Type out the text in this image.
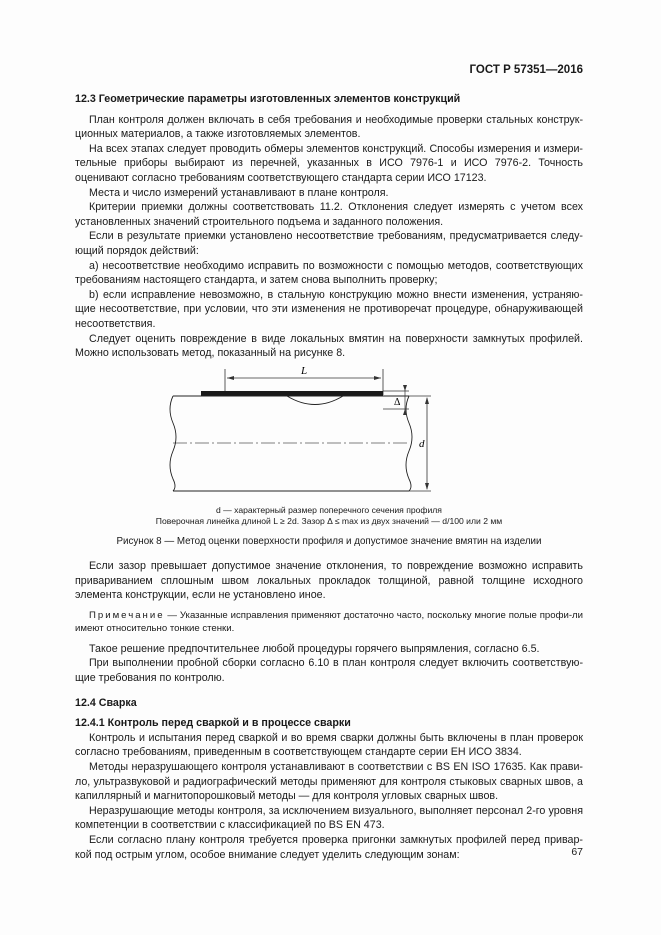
ГОСТ Р 57351—2016

12.3 Геометрические параметры изготовленных элементов конструкций

План контроля должен включать в себя требования и необходимые проверки стальных конструк-ционных материалов, а также изготовляемых элементов.

На всех этапах следует проводить обмеры элементов конструкций. Способы измерения и измери-тельные приборы выбирают из перечней, указанных в ИСО 7976-1 и ИСО 7976-2. Точность оценивают согласно требованиям соответствующего стандарта серии ИСО 17123.

Места и число измерений устанавливают в плане контроля.

Критерии приемки должны соответствовать 11.2. Отклонения следует измерять с учетом всех установленных значений строительного подъема и заданного положения.

Если в результате приемки установлено несоответствие требованиям, предусматривается следу-ющий порядок действий:

a) несоответствие необходимо исправить по возможности с помощью методов, соответствующих требованиям настоящего стандарта, и затем снова выполнить проверку;

b) если исправление невозможно, в стальную конструкцию можно внести изменения, устраняю-щие несоответствие, при условии, что эти изменения не противоречат процедуре, обнаруживающей несоответствия.

Следует оценить повреждение в виде локальных вмятин на поверхности замкнутых профилей. Можно использовать метод, показанный на рисунке 8.

L
Δ
d
d — характерный размер поперечного сечения профиля
Поверочная линейка длиной L ≥ 2d. Зазор Δ ≤ max из двух значений — d/100 или 2 мм

Рисунок 8 — Метод оценки поверхности профиля и допустимое значение вмятин на изделии

Если зазор превышает допустимое значение отклонения, то повреждение возможно исправить привариванием сплошным швом локальных прокладок толщиной, равной толщине исходного элемента конструкции, если не установлено иное.

Примечание — Указанные исправления применяют достаточно часто, поскольку многие полые профи-ли имеют относительно тонкие стенки.

Такое решение предпочтительнее любой процедуры горячего выпрямления, согласно 6.5.

При выполнении пробной сборки согласно 6.10 в план контроля следует включить соответствую-щие требования по контролю.

12.4 Сварка

12.4.1 Контроль перед сваркой и в процессе сварки

Контроль и испытания перед сваркой и во время сварки должны быть включены в план проверок согласно требованиям, приведенным в соответствующем стандарте серии ЕН ИСО 3834.

Методы неразрушающего контроля устанавливают в соответствии с BS EN ISO 17635. Как прави-ло, ультразвуковой и радиографический методы применяют для контроля стыковых сварных швов, а капиллярный и магнитопорошковый методы — для контроля угловых сварных швов.

Неразрушающие методы контроля, за исключением визуального, выполняет персонал 2-го уровня компетенции в соответствии с классификацией по BS EN 473.

Если согласно плану контроля требуется проверка пригонки замкнутых профилей перед привар-кой под острым углом, особое внимание следует уделить следующим зонам:	67
